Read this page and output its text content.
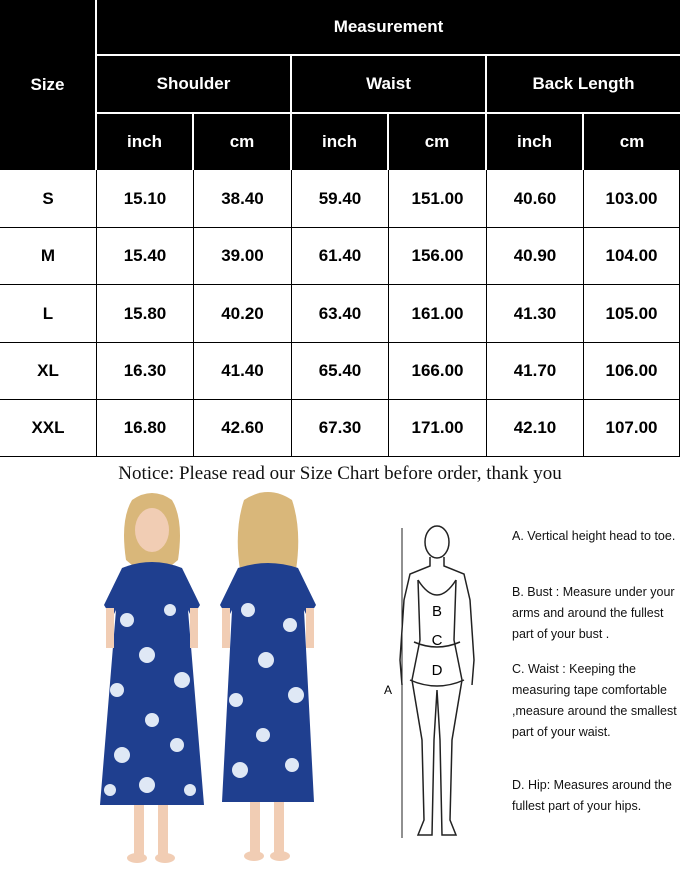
Size
Measurement
Shoulder	Waist	Back Length
inch	cm	inch	cm	inch	cm
S	15.10	38.40	59.40	151.00	40.60	103.00
M	15.40	39.00	61.40	156.00	40.90	104.00
L	15.80	40.20	63.40	161.00	41.30	105.00
XL	16.30	41.40	65.40	166.00	41.70	106.00
XXL	16.80	42.60	67.30	171.00	42.10	107.00
Notice: Please read our Size Chart before order, thank you
B
C
D
A
A. Vertical height head to toe.
B. Bust : Measure under your arms and around the fullest part of your bust .
C. Waist : Keeping the measuring tape comfortable ,measure around the smallest part of your waist.
D. Hip: Measures around the fullest part of your hips.
